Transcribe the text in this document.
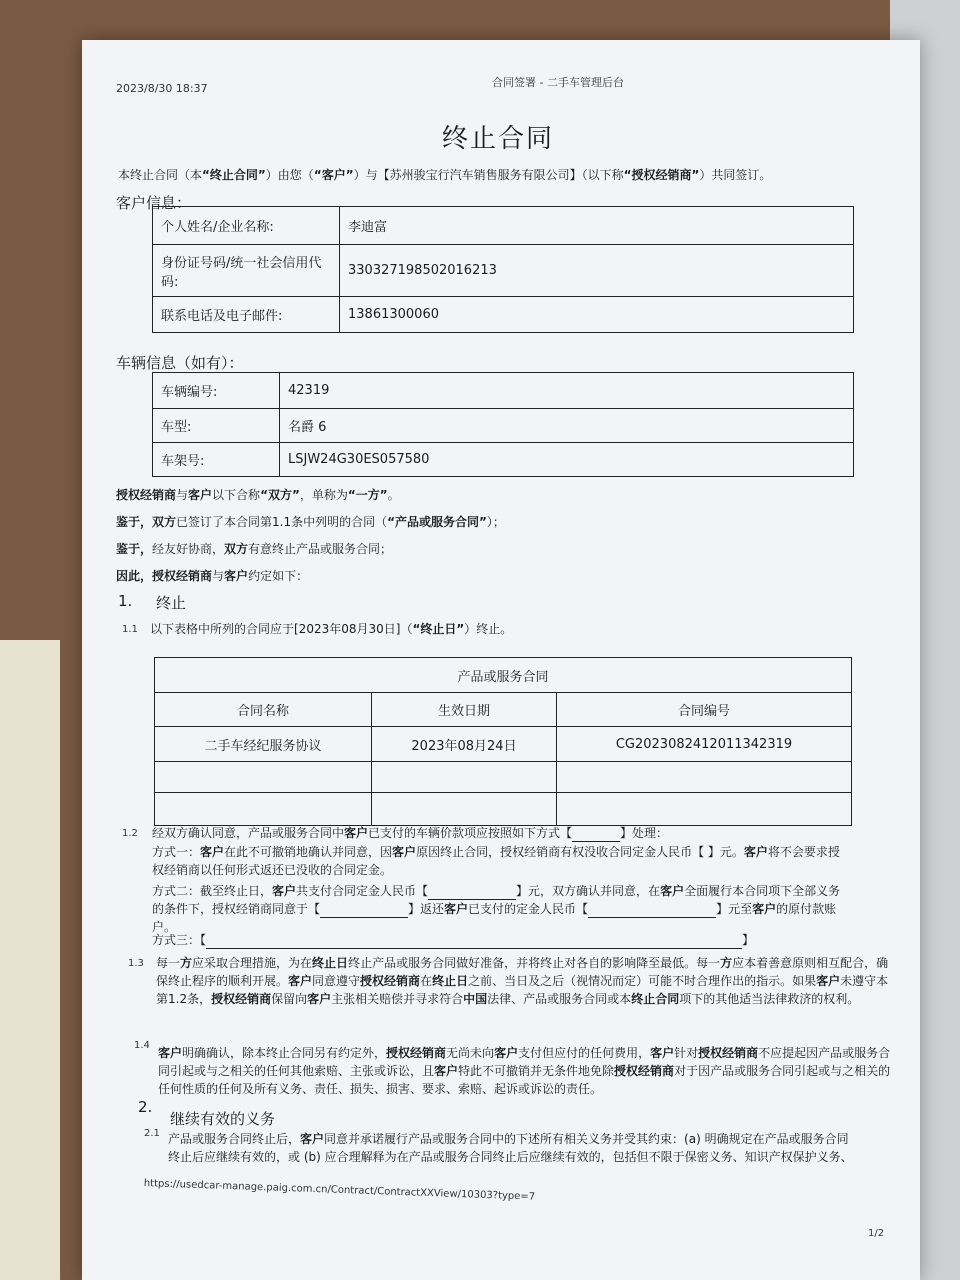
2023/8/30 18:37	合同签署 - 二手车管理后台
终止合同
本终止合同（本“终止合同”）由您（“客户”）与【苏州骏宝行汽车销售服务有限公司】（以下称“授权经销商”）共同签订。
客户信息：
个人姓名/企业名称:	李迪富
身份证号码/统一社会信用代码:	330327198502016213
联系电话及电子邮件:	13861300060
车辆信息（如有）：
车辆编号:	42319
车型:	名爵 6
车架号:	LSJW24G30ES057580
授权经销商与客户以下合称“双方”，单称为“一方”。
鉴于，双方已签订了本合同第1.1条中列明的合同（“产品或服务合同”）；
鉴于，经友好协商，双方有意终止产品或服务合同；
因此，授权经销商与客户约定如下：
1. 终止
1.1 以下表格中所列的合同应于[2023年08月30日]（“终止日”）终止。
产品或服务合同		
合同名称	生效日期	合同编号
二手车经纪服务协议	2023年08月24日	CG2023082412011342319

1.2 经双方确认同意，产品或服务合同中客户已支付的车辆价款项应按照如下方式【	】处理：
方式一：客户在此不可撤销地确认并同意，因客户原因终止合同，授权经销商有权没收合同定金人民币【 】元。客户将不会要求授
权经销商以任何形式返还已没收的合同定金。
方式二：截至终止日，客户共支付合同定金人民币【	】元，双方确认并同意，在客户全面履行本合同项下全部义务
的条件下，授权经销商同意于【	】返还客户已支付的定金人民币【	】元至客户的原付款账
户。
方式三：【	】
1.3 每一方应采取合理措施，为在终止日终止产品或服务合同做好准备，并将终止对各自的影响降至最低。每一方应本着善意原则相互配合，确保终止程序的顺利开展。客户同意遵守授权经销商在终止日之前、当日及之后（视情况而定）可能不时合理作出的指示。如果客户未遵守本第1.2条，授权经销商保留向客户主张相关赔偿并寻求符合中国法律、产品或服务合同或本终止合同项下的其他适当法律救济的权利。
1.4
客户明确确认，除本终止合同另有约定外，授权经销商无尚未向客户支付但应付的任何费用，客户针对授权经销商不应提起因产品或服务合同引起或与之相关的任何其他索赔、主张或诉讼，且客户特此不可撤销并无条件地免除授权经销商对于因产品或服务合同引起或与之相关的任何性质的任何及所有义务、责任、损失、损害、要求、索赔、起诉或诉讼的责任。
2.
继续有效的义务
2.1 产品或服务合同终止后，客户同意并承诺履行产品或服务合同中的下述所有相关义务并受其约束：(a) 明确规定在产品或服务合同
终止后应继续有效的，或 (b) 应合理解释为在产品或服务合同终止后应继续有效的，包括但不限于保密义务、知识产权保护义务、
https://usedcar-manage.paig.com.cn/Contract/ContractXXView/10303?type=7
1/2
